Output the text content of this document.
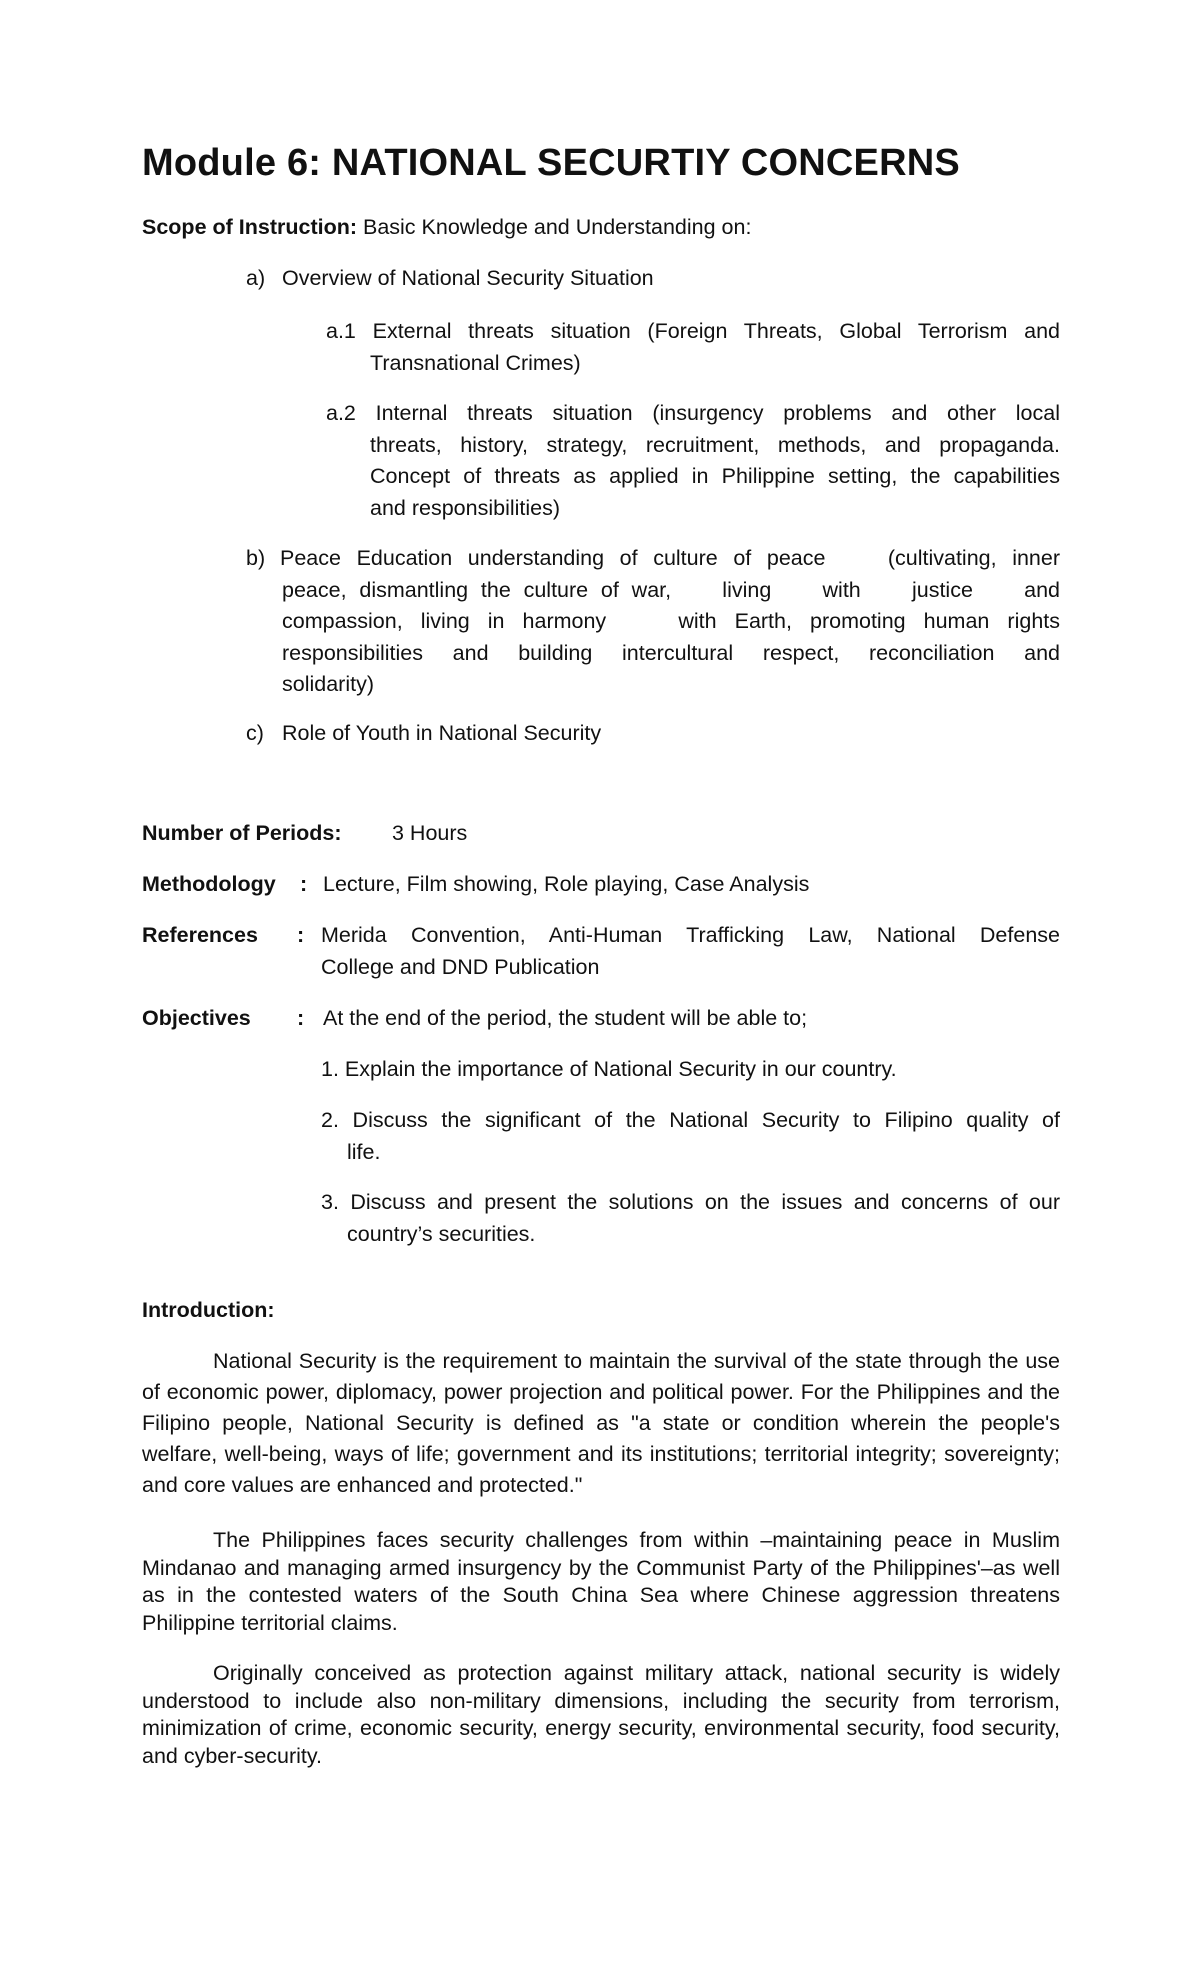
Module 6: NATIONAL SECURTIY CONCERNS
Scope of Instruction: Basic Knowledge and Understanding on:
a) Overview of National Security Situation
a.1 External threats situation (Foreign Threats, Global Terrorism and
Transnational Crimes)
a.2 Internal threats situation (insurgency problems and other local
threats, history, strategy, recruitment, methods, and propaganda.
Concept of threats as applied in Philippine setting, the capabilities
and responsibilities)
b) Peace Education understanding of culture of peace    (cultivating, inner
peace, dismantling the culture of war,    living    with    justice    and
compassion, living in harmony    with Earth, promoting human rights
responsibilities and building intercultural respect, reconciliation and
solidarity)
c) Role of Youth in National Security
Number of Periods: 3 Hours
Methodology : Lecture, Film showing, Role playing, Case Analysis
References : Merida Convention, Anti-Human Trafficking Law, National Defense
College and DND Publication
Objectives : At the end of the period, the student will be able to;
1. Explain the importance of National Security in our country.
2. Discuss the significant of the National Security to Filipino quality of
life.
3. Discuss and present the solutions on the issues and concerns of our
country’s securities.
Introduction:
National Security is the requirement to maintain the survival of the state through the use of economic power, diplomacy, power projection and political power. For the Philippines and the Filipino people, National Security is defined as "a state or condition wherein the people's welfare, well-being, ways of life; government and its institutions; territorial integrity; sovereignty; and core values are enhanced and protected."
The Philippines faces security challenges from within –maintaining peace in Muslim Mindanao and managing armed insurgency by the Communist Party of the Philippines'–as well as in the contested waters of the South China Sea where Chinese aggression threatens Philippine territorial claims.
Originally conceived as protection against military attack, national security is widely understood to include also non-military dimensions, including the security from terrorism, minimization of crime, economic security, energy security, environmental security, food security, and cyber-security.
